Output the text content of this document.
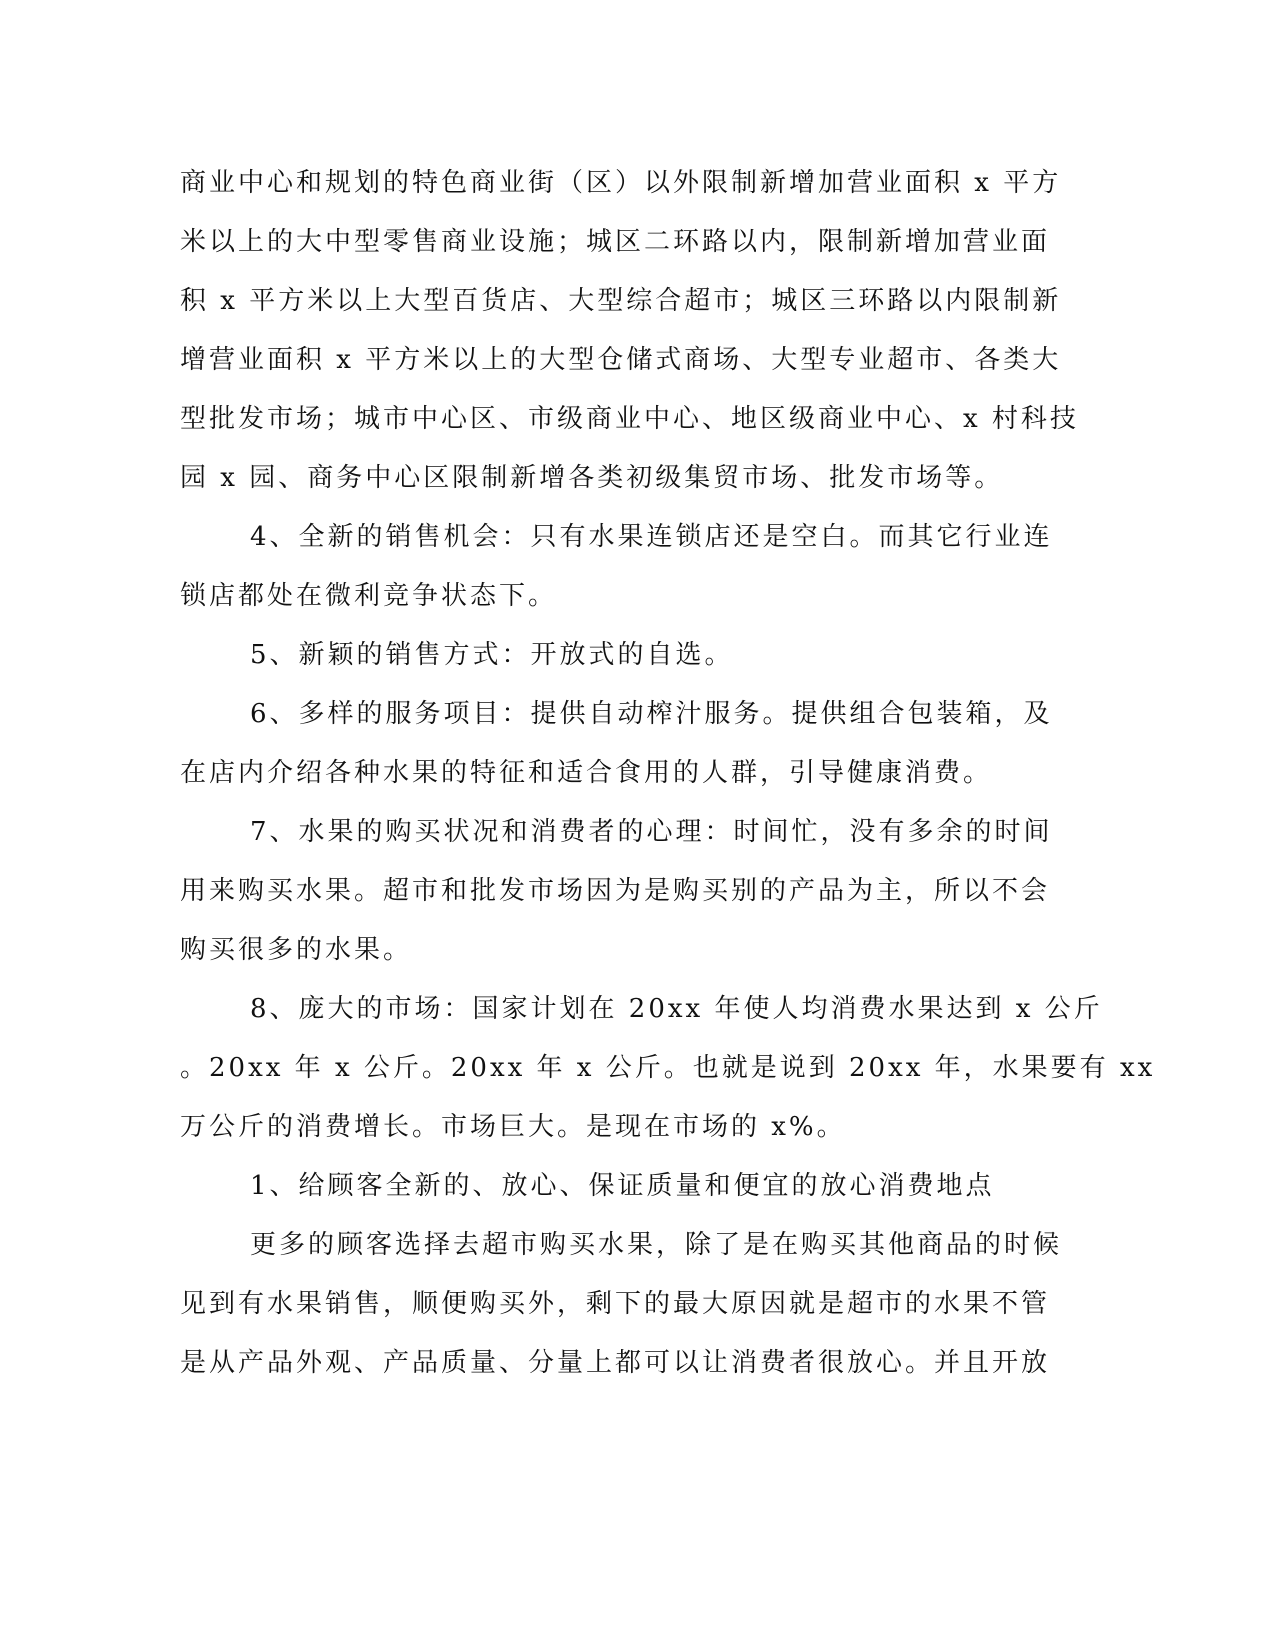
商业中心和规划的特色商业街（区）以外限制新增加营业面积 x 平方
米以上的大中型零售商业设施；城区二环路以内，限制新增加营业面
积 x 平方米以上大型百货店、大型综合超市；城区三环路以内限制新
增营业面积 x 平方米以上的大型仓储式商场、大型专业超市、各类大
型批发市场；城市中心区、市级商业中心、地区级商业中心、x 村科技
园 x 园、商务中心区限制新增各类初级集贸市场、批发市场等。
4、全新的销售机会：只有水果连锁店还是空白。而其它行业连
锁店都处在微利竞争状态下。
5、新颖的销售方式：开放式的自选。
6、多样的服务项目：提供自动榨汁服务。提供组合包装箱，及
在店内介绍各种水果的特征和适合食用的人群，引导健康消费。
7、水果的购买状况和消费者的心理：时间忙，没有多余的时间
用来购买水果。超市和批发市场因为是购买别的产品为主，所以不会
购买很多的水果。
8、庞大的市场：国家计划在 20xx 年使人均消费水果达到 x 公斤
。20xx 年 x 公斤。20xx 年 x 公斤。也就是说到 20xx 年，水果要有 xx
万公斤的消费增长。市场巨大。是现在市场的 x%。
1、给顾客全新的、放心、保证质量和便宜的放心消费地点
更多的顾客选择去超市购买水果，除了是在购买其他商品的时候
见到有水果销售，顺便购买外，剩下的最大原因就是超市的水果不管
是从产品外观、产品质量、分量上都可以让消费者很放心。并且开放
